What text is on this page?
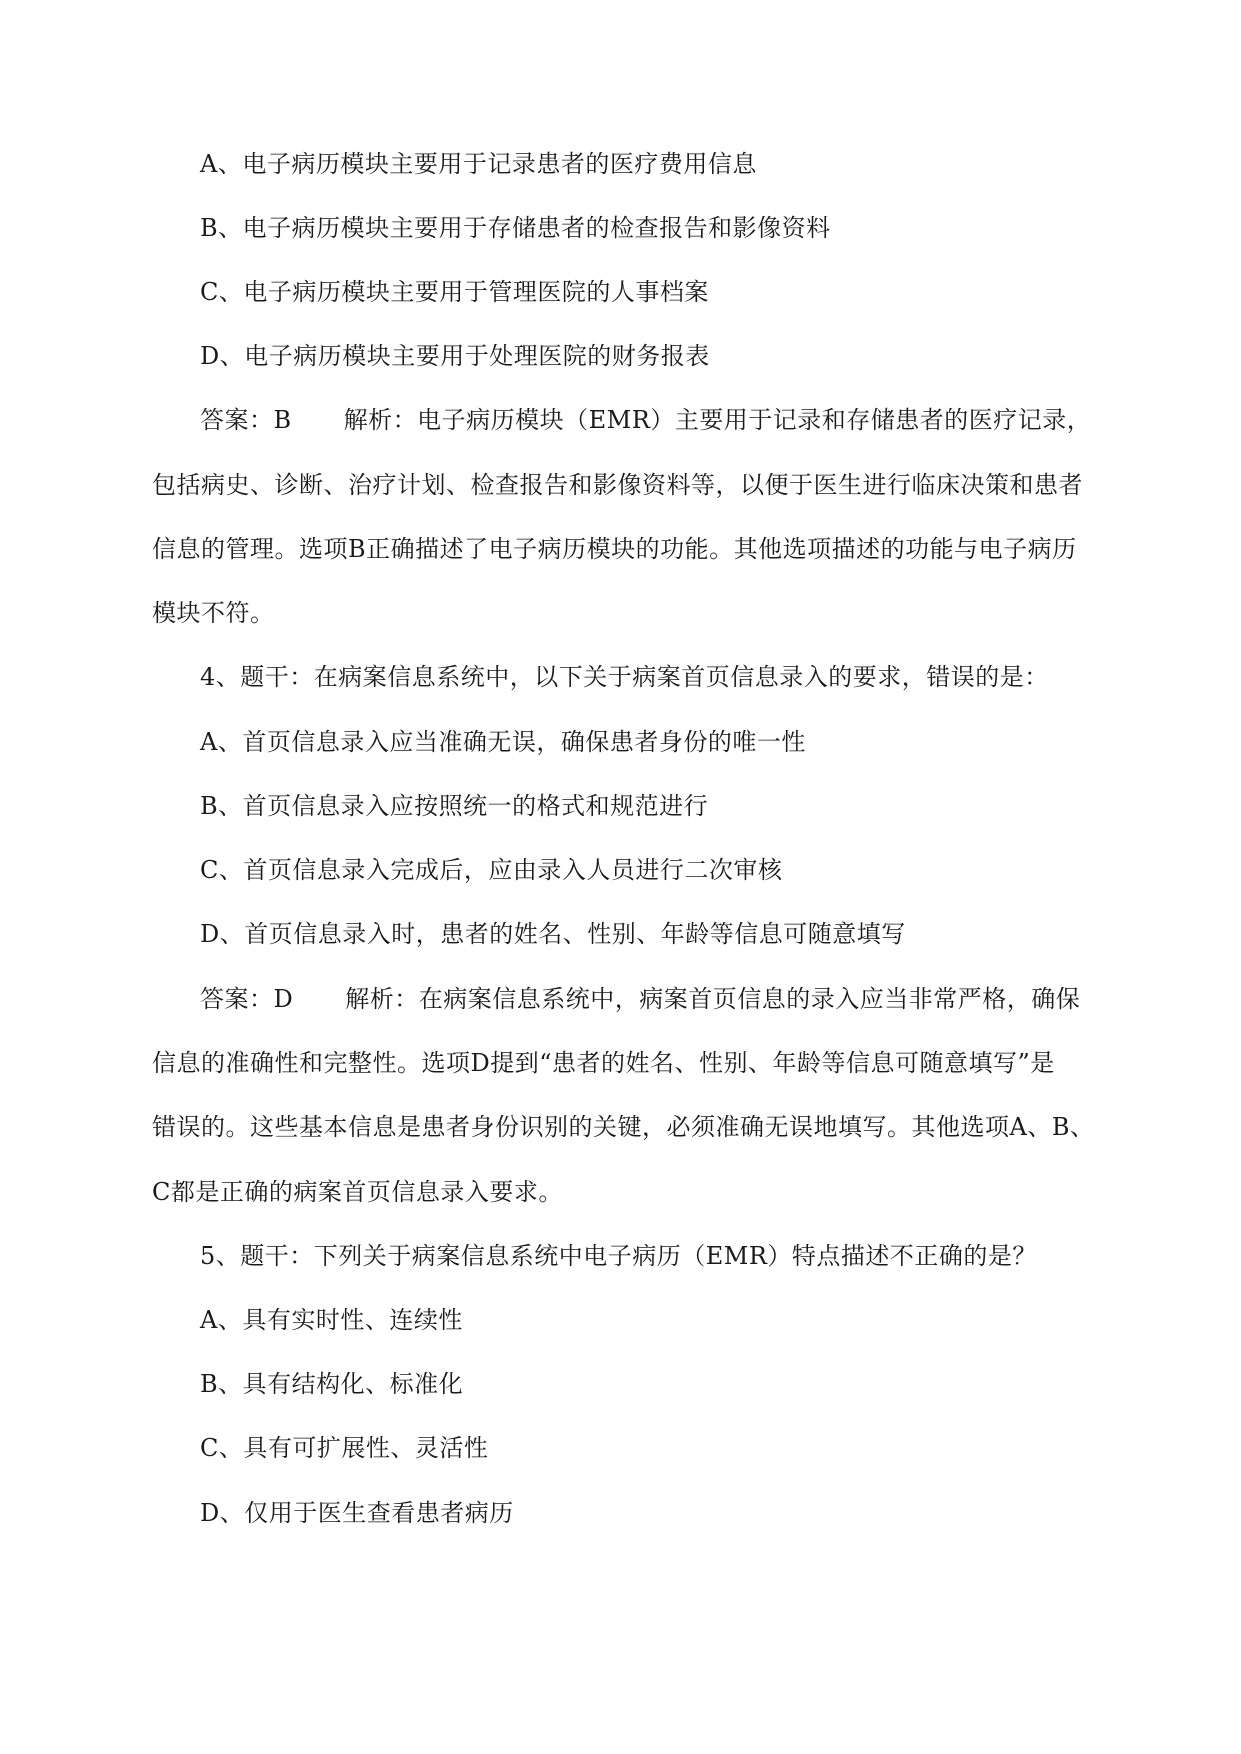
A、电子病历模块主要用于记录患者的医疗费用信息

B、电子病历模块主要用于存储患者的检查报告和影像资料

C、电子病历模块主要用于管理医院的人事档案

D、电子病历模块主要用于处理医院的财务报表

答案：B 解析：电子病历模块（EMR）主要用于记录和存储患者的医疗记录，

包括病史、诊断、治疗计划、检查报告和影像资料等，以便于医生进行临床决策和患者

信息的管理。选项B正确描述了电子病历模块的功能。其他选项描述的功能与电子病历

模块不符。

4、题干：在病案信息系统中，以下关于病案首页信息录入的要求，错误的是：

A、首页信息录入应当准确无误，确保患者身份的唯一性

B、首页信息录入应按照统一的格式和规范进行

C、首页信息录入完成后，应由录入人员进行二次审核

D、首页信息录入时，患者的姓名、性别、年龄等信息可随意填写

答案：D 解析：在病案信息系统中，病案首页信息的录入应当非常严格，确保

信息的准确性和完整性。选项D提到“患者的姓名、性别、年龄等信息可随意填写”是

错误的。这些基本信息是患者身份识别的关键，必须准确无误地填写。其他选项A、B、

C都是正确的病案首页信息录入要求。

5、题干：下列关于病案信息系统中电子病历（EMR）特点描述不正确的是？

A、具有实时性、连续性

B、具有结构化、标准化

C、具有可扩展性、灵活性

D、仅用于医生查看患者病历
